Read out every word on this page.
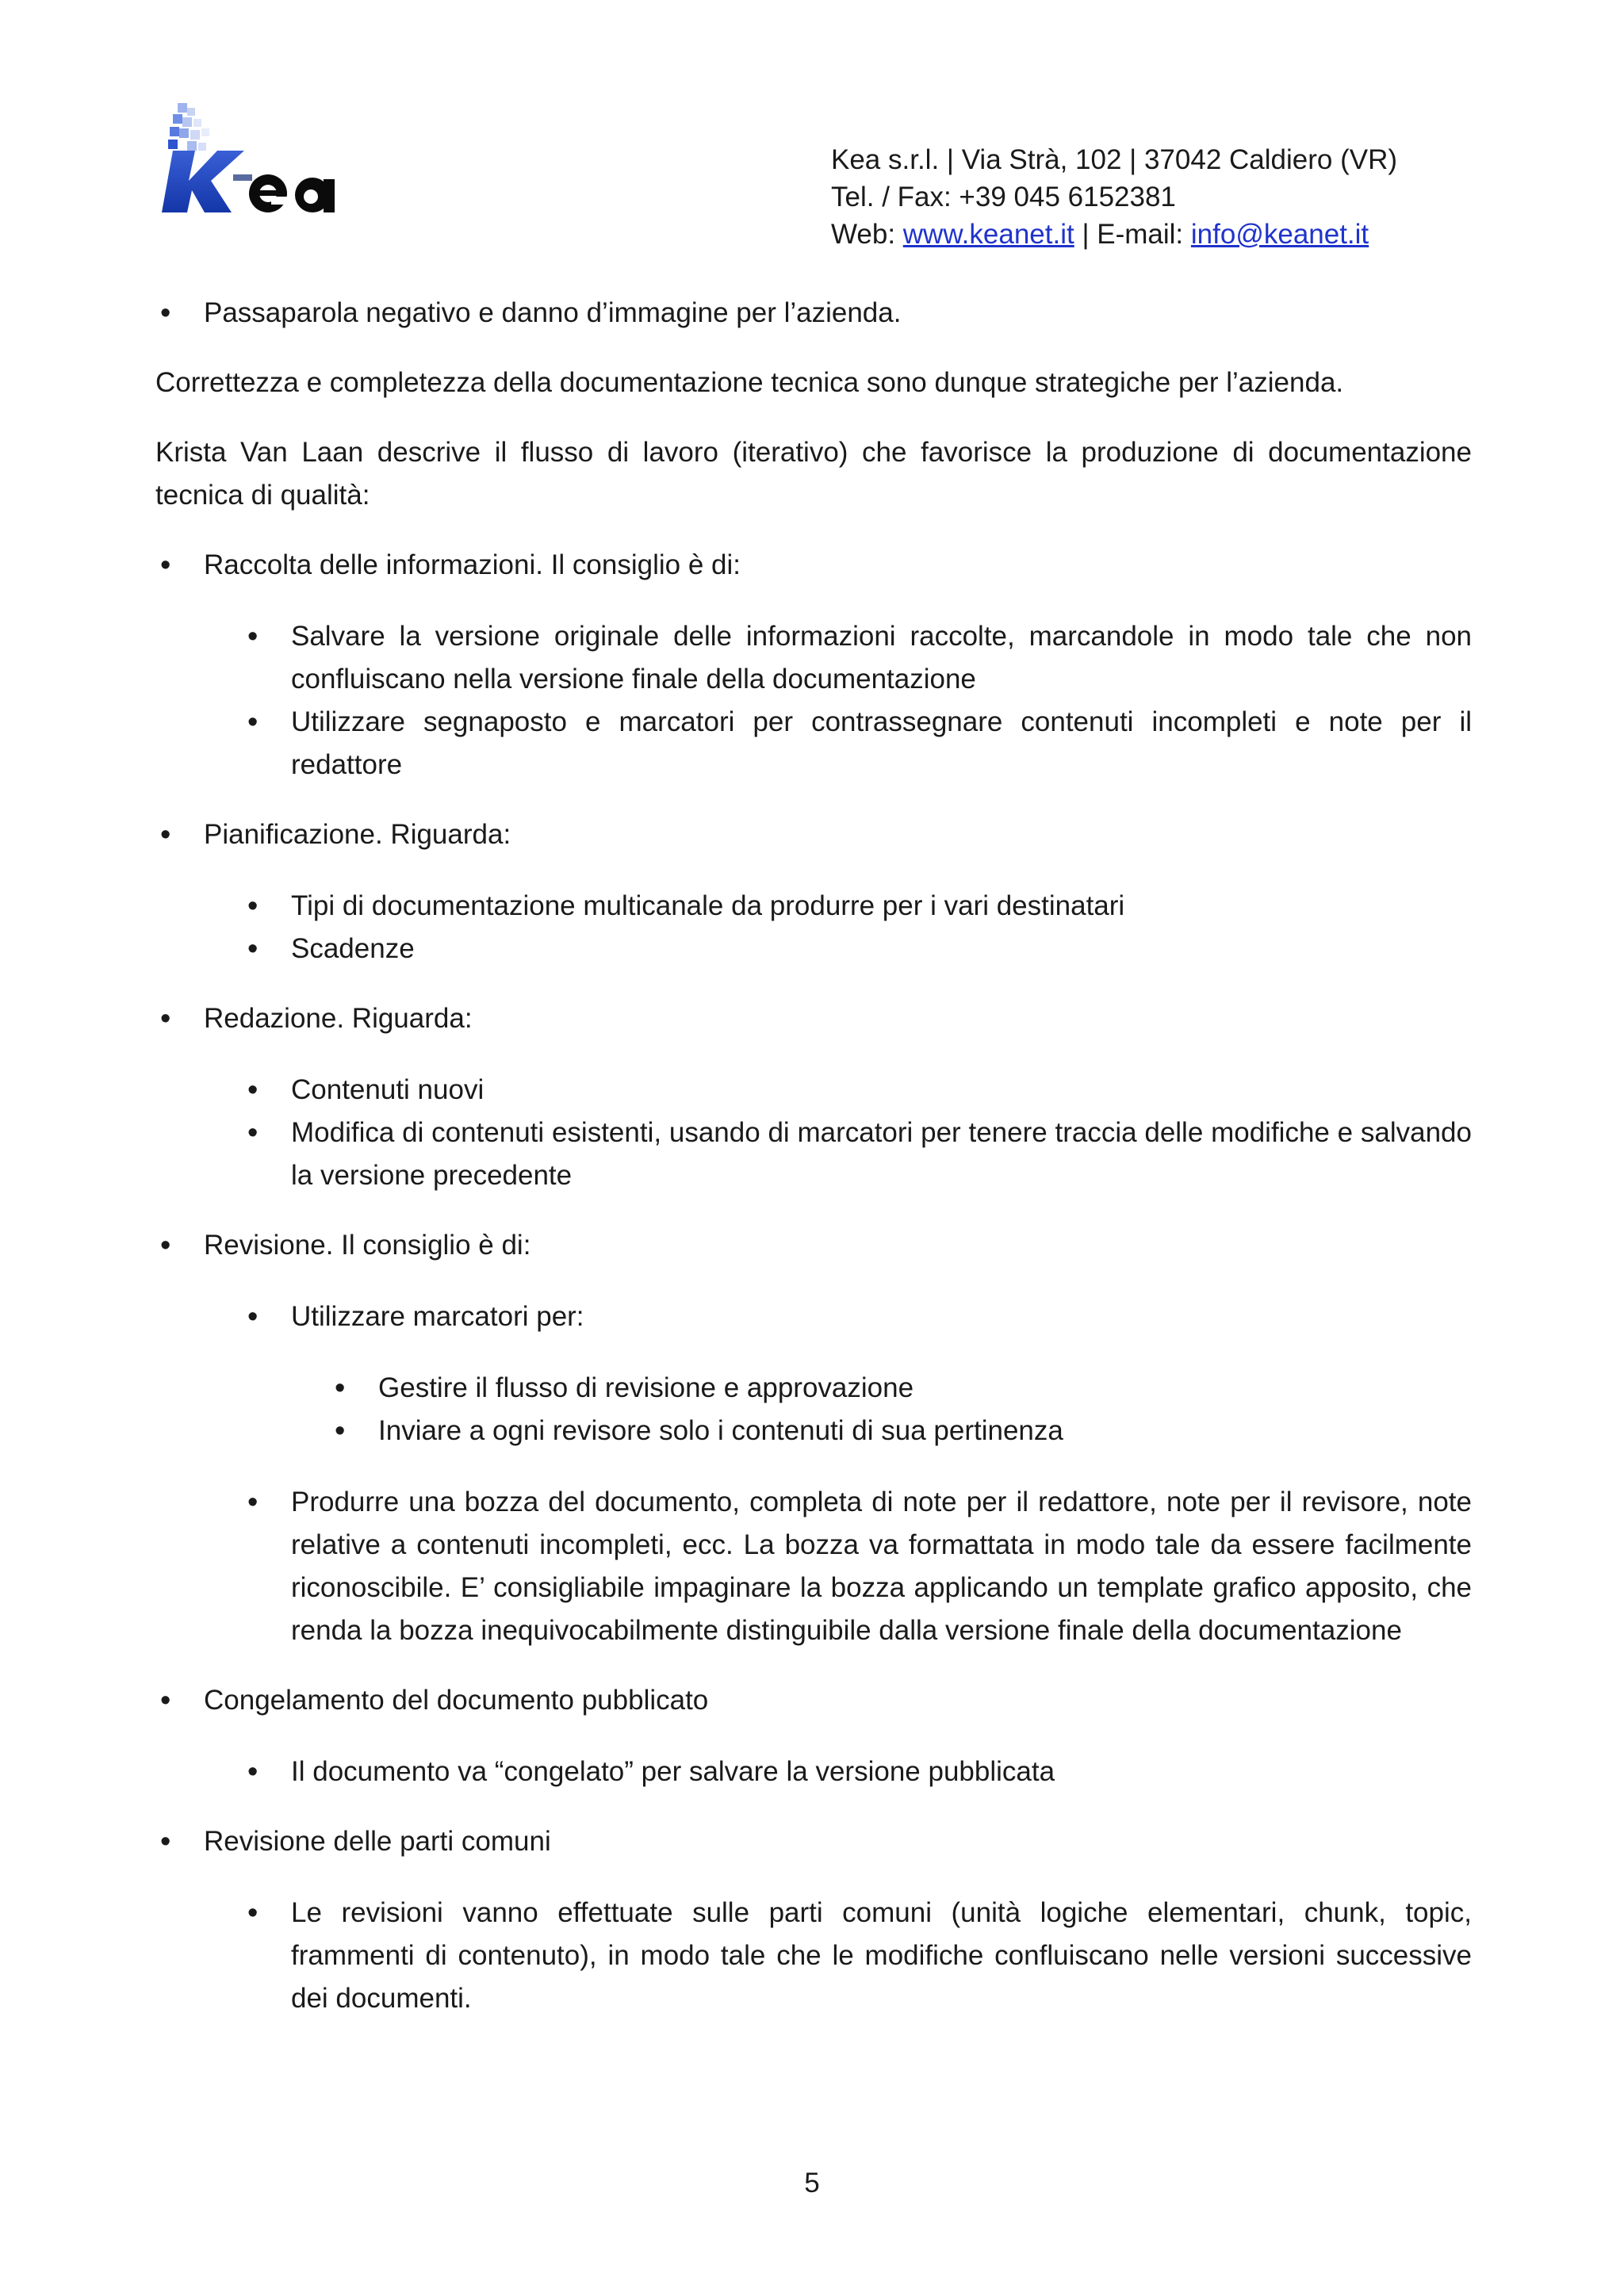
Kea s.r.l. | Via Strà, 102 | 37042 Caldiero (VR)
Tel. / Fax: +39 045 6152381
Web: www.keanet.it | E-mail: info@keanet.it
• Passaparola negativo e danno d’immagine per l’azienda.

Correttezza e completezza della documentazione tecnica sono dunque strategiche per l’azienda.

Krista Van Laan descrive il flusso di lavoro (iterativo) che favorisce la produzione di documentazione tecnica di qualità:

• Raccolta delle informazioni. Il consiglio è di:
• Salvare la versione originale delle informazioni raccolte, marcandole in modo tale che non confluiscano nella versione finale della documentazione
• Utilizzare segnaposto e marcatori per contrassegnare contenuti incompleti e note per il redattore
• Pianificazione. Riguarda:
• Tipi di documentazione multicanale da produrre per i vari destinatari
• Scadenze
• Redazione. Riguarda:
• Contenuti nuovi
• Modifica di contenuti esistenti, usando di marcatori per tenere traccia delle modifiche e salvando la versione precedente
• Revisione. Il consiglio è di:
• Utilizzare marcatori per:
• Gestire il flusso di revisione e approvazione
• Inviare a ogni revisore solo i contenuti di sua pertinenza
• Produrre una bozza del documento, completa di note per il redattore, note per il revisore, note relative a contenuti incompleti, ecc. La bozza va formattata in modo tale da essere facilmente riconoscibile. E’ consigliabile impaginare la bozza applicando un template grafico apposito, che renda la bozza inequivocabilmente distinguibile dalla versione finale della documentazione
• Congelamento del documento pubblicato
• Il documento va “congelato” per salvare la versione pubblicata
• Revisione delle parti comuni
• Le revisioni vanno effettuate sulle parti comuni (unità logiche elementari, chunk, topic, frammenti di contenuto), in modo tale che le modifiche confluiscano nelle versioni successive dei documenti.
5
